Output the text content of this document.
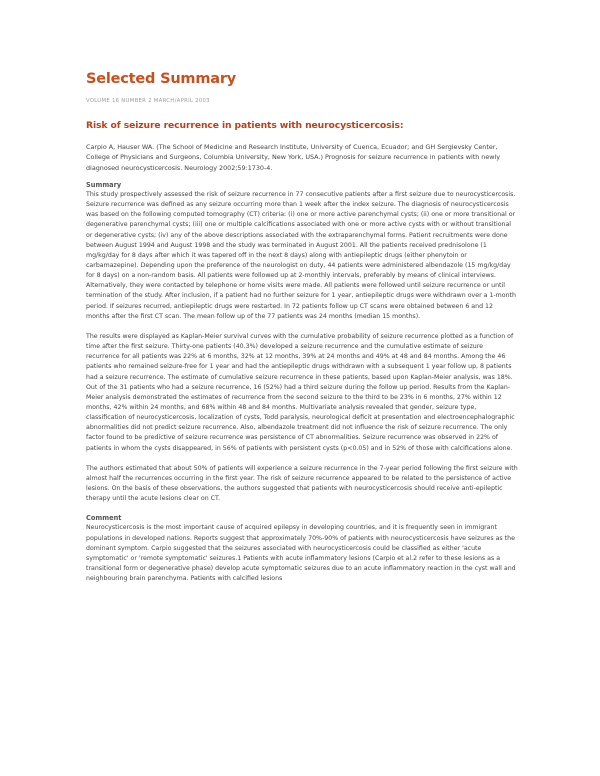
Selected Summary
VOLUME 16 NUMBER 2 MARCH/APRIL 2003
Risk of seizure recurrence in patients with neurocysticercosis:

Carpio A, Hauser WA. (The School of Medicine and Research Institute, University of Cuenca, Ecuador; and GH Sergievsky Center, College of Physicians and Surgeons, Columbia University, New York, USA.) Prognosis for seizure recurrence in patients with newly diagnosed neurocysticercosis. Neurology 2002;59:1730-4.

Summary

This study prospectively assessed the risk of seizure recurrence in 77 consecutive patients after a first seizure due to neurocysticercosis. Seizure recurrence was defined as any seizure occurring more than 1 week after the index seizure. The diagnosis of neurocysticercosis was based on the following computed tomography (CT) criteria: (i) one or more active parenchymal cysts; (ii) one or more transitional or degenerative parenchymal cysts; (iii) one or multiple calcifications associated with one or more active cysts with or without transitional or degenerative cysts; (iv) any of the above descriptions associated with the extraparenchymal forms. Patient recruitments were done between August 1994 and August 1998 and the study was terminated in August 2001. All the patients received prednisolone (1 mg/kg/day for 8 days after which it was tapered off in the next 8 days) along with antiepileptic drugs (either phenytoin or carbamazepine). Depending upon the preference of the neurologist on duty, 44 patients were administered albendazole (15 mg/kg/day for 8 days) on a non-random basis. All patients were followed up at 2-monthly intervals, preferably by means of clinical interviews. Alternatively, they were contacted by telephone or home visits were made. All patients were followed until seizure recurrence or until termination of the study. After inclusion, if a patient had no further seizure for 1 year, antiepileptic drugs were withdrawn over a 1-month period. If seizures recurred, antiepileptic drugs were restarted. In 72 patients follow up CT scans were obtained between 6 and 12 months after the first CT scan. The mean follow up of the 77 patients was 24 months (median 15 months).

The results were displayed as Kaplan-Meier survival curves with the cumulative probability of seizure recurrence plotted as a function of time after the first seizure. Thirty-one patients (40.3%) developed a seizure recurrence and the cumulative estimate of seizure recurrence for all patients was 22% at 6 months, 32% at 12 months, 39% at 24 months and 49% at 48 and 84 months. Among the 46 patients who remained seizure-free for 1 year and had the antiepileptic drugs withdrawn with a subsequent 1 year follow up, 8 patients had a seizure recurrence. The estimate of cumulative seizure recurrence in these patients, based upon Kaplan-Meier analysis, was 18%. Out of the 31 patients who had a seizure recurrence, 16 (52%) had a third seizure during the follow up period. Results from the Kaplan-Meier analysis demonstrated the estimates of recurrence from the second seizure to the third to be 23% in 6 months, 27% within 12 months, 42% within 24 months, and 68% within 48 and 84 months. Multivariate analysis revealed that gender, seizure type, classification of neurocysticercosis, localization of cysts, Todd paralysis, neurological deficit at presentation and electroencephalographic abnormalities did not predict seizure recurrence. Also, albendazole treatment did not influence the risk of seizure recurrence. The only factor found to be predictive of seizure recurrence was persistence of CT abnormalities. Seizure recurrence was observed in 22% of patients in whom the cysts disappeared, in 56% of patients with persistent cysts (p<0.05) and in 52% of those with calcifications alone.

The authors estimated that about 50% of patients will experience a seizure recurrence in the 7-year period following the first seizure with almost half the recurrences occurring in the first year. The risk of seizure recurrence appeared to be related to the persistence of active lesions. On the basis of these observations, the authors suggested that patients with neurocysticercosis should receive anti-epileptic therapy until the acute lesions clear on CT.

Comment

Neurocysticercosis is the most important cause of acquired epilepsy in developing countries, and it is frequently seen in immigrant populations in developed nations. Reports suggest that approximately 70%-90% of patients with neurocysticercosis have seizures as the dominant symptom. Carpio suggested that the seizures associated with neurocysticercosis could be classified as either 'acute symptomatic' or 'remote symptomatic' seizures.1 Patients with acute inflammatory lesions (Carpio et al.2 refer to these lesions as a transitional form or degenerative phase) develop acute symptomatic seizures due to an acute inflammatory reaction in the cyst wall and neighbouring brain parenchyma. Patients with calcified lesions
